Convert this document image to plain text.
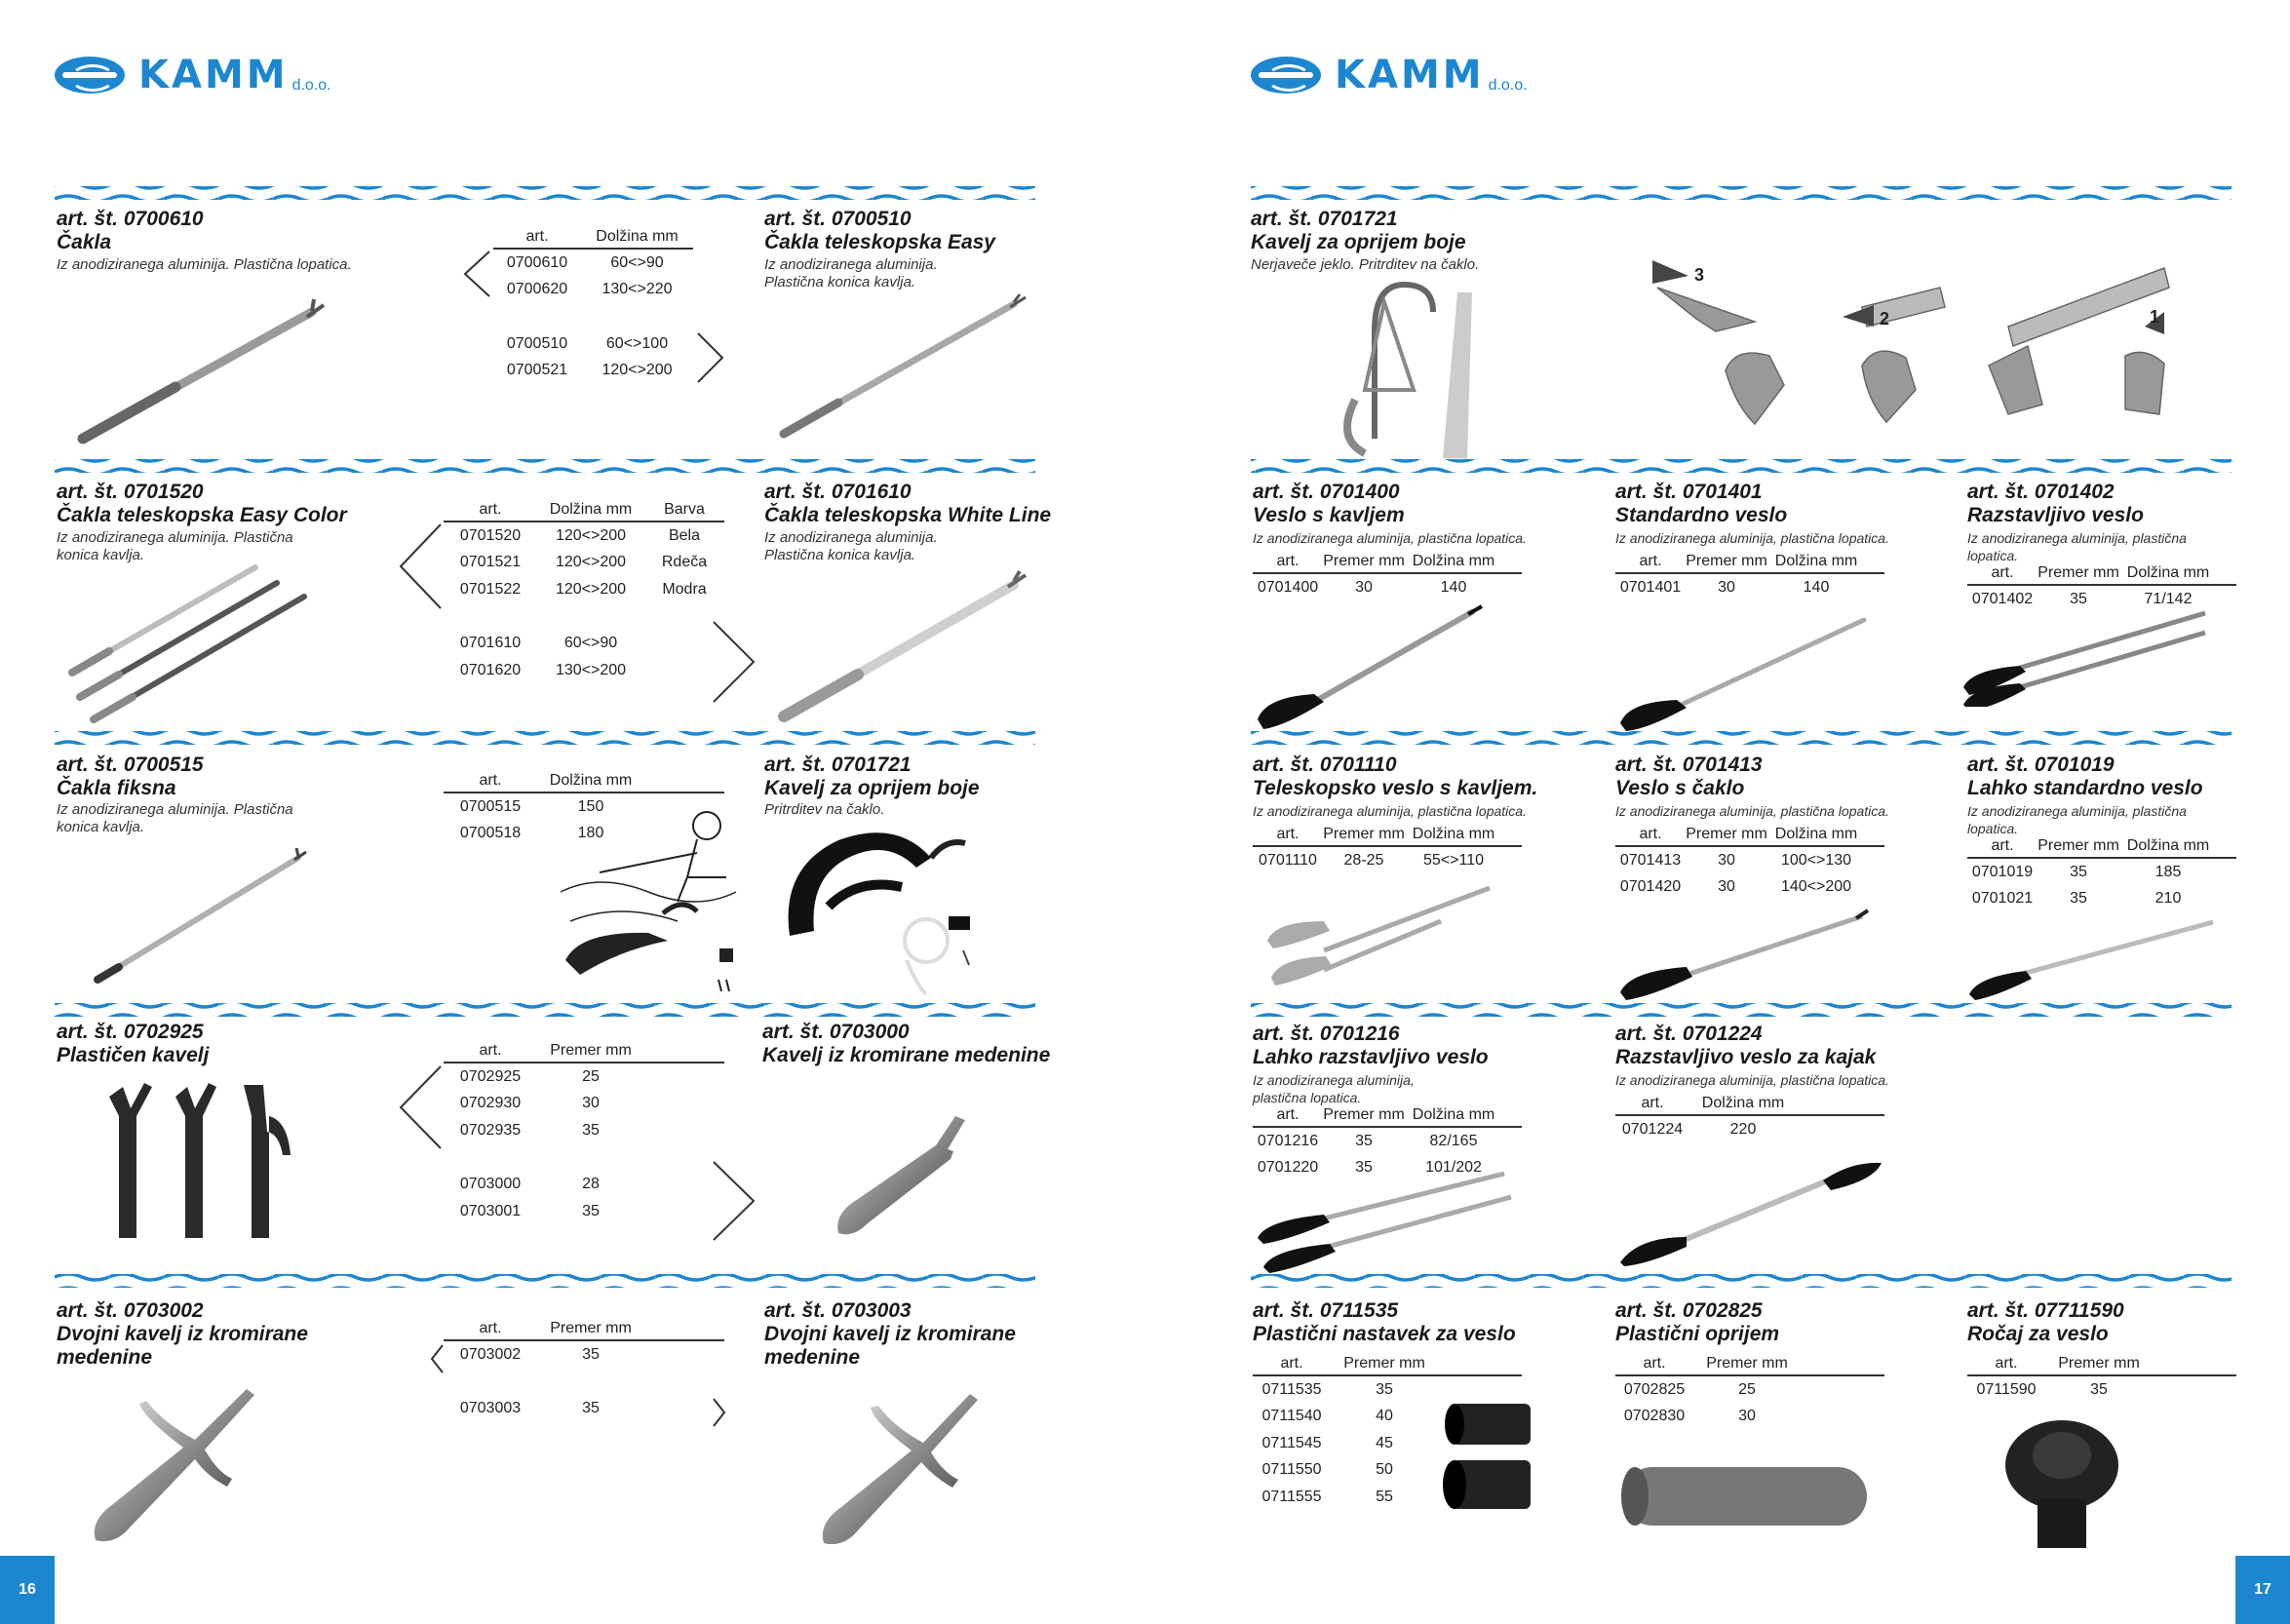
KAMM d.o.o.	KAMM d.o.o.
art. št. 0700610
Čakla
Iz anodiziranega aluminija. Plastična lopatica.
art. št. 0700510
Čakla teleskopska Easy
Iz anodiziranega aluminija.
Plastična konica kavlja.
art.	Dolžina mm
0700610	60<>90
0700620	130<>220
0700510	60<>100
0700521	120<>200
art. št. 0701520
Čakla teleskopska Easy Color
Iz anodiziranega aluminija. Plastična
konica kavlja.
art. št. 0701610
Čakla teleskopska White Line
Iz anodiziranega aluminija.
Plastična konica kavlja.
art.	Dolžina mm	Barva
0701520	120<>200	Bela
0701521	120<>200	Rdeča
0701522	120<>200	Modra
0701610	60<>90
0701620	130<>200
art. št. 0700515
Čakla fiksna
Iz anodiziranega aluminija. Plastična
konica kavlja.
art. št. 0701721
Kavelj za oprijem boje
Pritrditev na čaklo.
art.	Dolžina mm
0700515	150
0700518	180
art. št. 0702925
Plastičen kavelj
art. št. 0703000
Kavelj iz kromirane medenine
art.	Premer mm
0702925	25
0702930	30
0702935	35
0703000	28
0703001	35
art. št. 0703002
Dvojni kavelj iz kromirane
medenine
art. št. 0703003
Dvojni kavelj iz kromirane
medenine
art.	Premer mm
0703002	35
0703003	35
art. št. 0701721
Kavelj za oprijem boje
Nerjaveče jeklo. Pritrditev na čaklo.
3
2	1
art. št. 0701400
Veslo s kavljem
Iz anodiziranega aluminija, plastična lopatica.
art.	Premer mm Dolžina mm
0701400	30	140
art. št. 0701401
Standardno veslo
Iz anodiziranega aluminija, plastična lopatica.
art.	Premer mm Dolžina mm
0701401	30	140
art. št. 0701402
Razstavljivo veslo
Iz anodiziranega aluminija, plastična
lopatica.
art.	Premer mm Dolžina mm
0701402	35	71/142
art. št. 0701110
Teleskopsko veslo s kavljem.
Iz anodiziranega aluminija, plastična lopatica.
art.	Premer mm Dolžina mm
0701110	28-25	55<>110
art. št. 0701413
Veslo s čaklo
Iz anodiziranega aluminija, plastična lopatica.
art.	Premer mm Dolžina mm
0701413	30	100<>130
0701420	30	140<>200
art. št. 0701019
Lahko standardno veslo
Iz anodiziranega aluminija, plastična
lopatica.
art.	Premer mm Dolžina mm
0701019	35	185
0701021	35	210
art. št. 0701216
Lahko razstavljivo veslo
Iz anodiziranega aluminija,
plastična lopatica.
art.	Premer mm Dolžina mm
0701216	35	82/165
0701220	35	101/202
art. št. 0701224
Razstavljivo veslo za kajak
Iz anodiziranega aluminija, plastična lopatica.
art.	Dolžina mm
0701224	220
art. št. 0711535
Plastični nastavek za veslo
art.	Premer mm
0711535	35
0711540	40
0711545	45
0711550	50
0711555	55
art. št. 0702825
Plastični oprijem
art.	Premer mm
0702825	25
0702830	30
art. št. 07711590
Ročaj za veslo
art.	Premer mm
0711590	35
16	17
